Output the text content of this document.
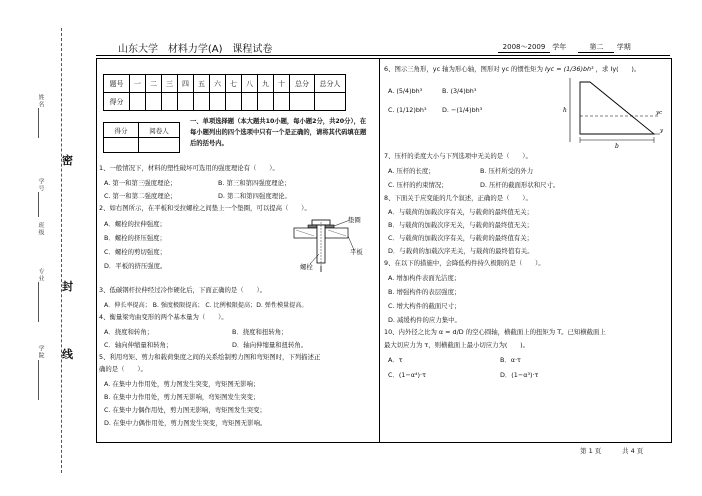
姓名
学号
班级
专业
学院
密
封
线
山东大学 材料力学(A) 课程试卷	2008～2009 学年	第二 学期
题号	一	二	三	四	五	六	七	八	九	十	总分	总分人
得分												
得分	阅卷人

一、单项选择题（本大题共10小题，每小题2分，共20分），在每小题列出的四个选项中只有一个是正确的，请将其代码填在题后的括号内。
1、一般情况下，材料的塑性破坏可选用的强度理论有（　　）。
A. 第一和第三强度理论；	B. 第三和第四强度理论；
C. 第一和第二强度理论；	D. 第二和第四强度理论。
2、如右图所示，在平板和受拉螺栓之间垫上一个垫圈，可以提高（　　）。
A．螺栓的拉伸强度；
B．螺栓的挤压强度；
C．螺栓的剪切强度；
D．平板的挤压强度。
垫圈
平板
螺栓
3、低碳钢杆拉伸经过冷作硬化后，下面正确的是（　　）。
A．伸长率提高； B. 强度极限提高； C. 比例极限提高；D. 弹性模量提高。
4、衡量梁弯曲变形的两个基本量为（　　）。
A．挠度和转角；	B．挠度和扭转角；
C．轴向伸缩量和转角；	D．轴向伸缩量和扭转角。
5、利用弯矩、剪力和载荷集度之间的关系绘制剪力图和弯矩图时，下列描述正
确的是（　　）。
A. 在集中力作用处，剪力图发生突变，弯矩图无影响；
B. 在集中力作用处，剪力图无影响，弯矩图发生突变；
C. 在集中力偶作用处，剪力图无影响，弯矩图发生突变；
D. 在集中力偶作用处，剪力图发生突变，弯矩图无影响。
6、图示三角形，yc 轴为形心轴，图形对 yc 的惯性矩为 Iyc = (1/36)bh³ ，求 Iy(　　)。
A. (5/4)bh³	B. (3/4)bh³
C. (1/12)bh³ D. −(1/4)bh³	h
b
yc
y
7、压杆的柔度大小与下列选项中无关的是（　　）。
A. 压杆的长度；	B. 压杆所受的外力
C. 压杆的约束情况；	D. 压杆的截面形状和尺寸。
8、下面关于应变能的几个叙述，正确的是（　　）。
A．与载荷的加载次序有关，与载荷的最终值无关；
B．与载荷的加载次序无关，与载荷的最终值无关；
C．与载荷的加载次序有关，与载荷的最终值有关；
D．与载荷的加载次序无关，与载荷的最终值有关。
9、在以下的措施中，会降低构件持久极限的是（　　）。
A. 增加构件表面光洁度；
B. 增强构件的表层强度；
C. 增大构件的截面尺寸；
D. 减缓构件的应力集中。
10、内外径之比为 α = d/D 的空心圆轴，横截面上的扭矩为 T。已知横截面上
最大切应力为 τ，则横截面上最小切应力为(　　)。
A．τ	B．α·τ
C．(1−α⁴)·τ	D．(1−α³)·τ
第 1 页	共 4 页
